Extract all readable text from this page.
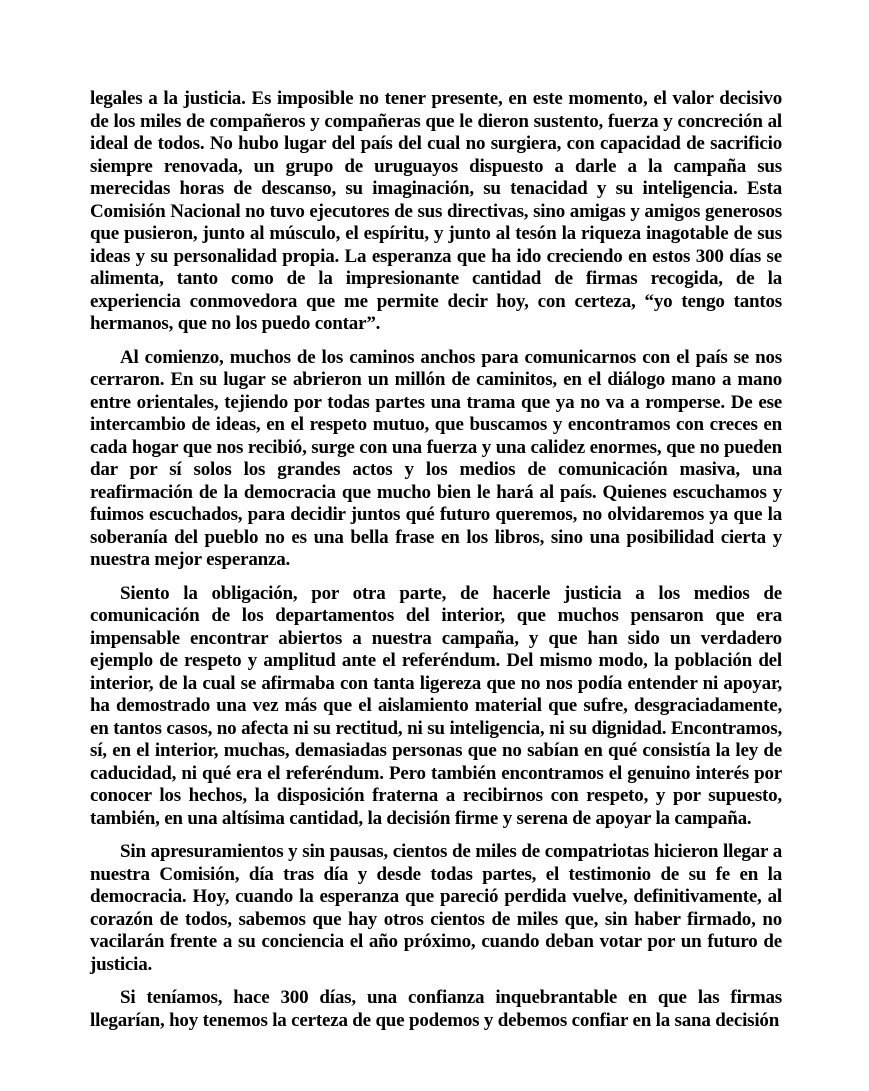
legales a la justicia. Es imposible no tener presente, en este momento, el valor decisivo de los miles de compañeros y compañeras que le dieron sustento, fuerza y concreción al ideal de todos. No hubo lugar del país del cual no surgiera, con capacidad de sacrificio siempre renovada, un grupo de uruguayos dispuesto a darle a la campaña sus merecidas horas de descanso, su imaginación, su tenacidad y su inteligencia. Esta Comisión Nacional no tuvo ejecutores de sus directivas, sino amigas y amigos generosos que pusieron, junto al músculo, el espíritu, y junto al tesón la riqueza inagotable de sus ideas y su personalidad propia. La esperanza que ha ido creciendo en estos 300 días se alimenta, tanto como de la impresionante cantidad de firmas recogida, de la experiencia conmovedora que me permite decir hoy, con certeza, “yo tengo tantos hermanos, que no los puedo contar”.

Al comienzo, muchos de los caminos anchos para comunicarnos con el país se nos cerraron. En su lugar se abrieron un millón de caminitos, en el diálogo mano a mano entre orientales, tejiendo por todas partes una trama que ya no va a romperse. De ese intercambio de ideas, en el respeto mutuo, que buscamos y encontramos con creces en cada hogar que nos recibió, surge con una fuerza y una calidez enormes, que no pueden dar por sí solos los grandes actos y los medios de comunicación masiva, una reafirmación de la democracia que mucho bien le hará al país. Quienes escuchamos y fuimos escuchados, para decidir juntos qué futuro queremos, no olvidaremos ya que la soberanía del pueblo no es una bella frase en los libros, sino una posibilidad cierta y nuestra mejor esperanza.

Siento la obligación, por otra parte, de hacerle justicia a los medios de comunicación de los departamentos del interior, que muchos pensaron que era impensable encontrar abiertos a nuestra campaña, y que han sido un verdadero ejemplo de respeto y amplitud ante el referéndum. Del mismo modo, la población del interior, de la cual se afirmaba con tanta ligereza que no nos podía entender ni apoyar, ha demostrado una vez más que el aislamiento material que sufre, desgraciadamente, en tantos casos, no afecta ni su rectitud, ni su inteligencia, ni su dignidad. Encontramos, sí, en el interior, muchas, demasiadas personas que no sabían en qué consistía la ley de caducidad, ni qué era el referéndum. Pero también encontramos el genuino interés por conocer los hechos, la disposición fraterna a recibirnos con respeto, y por supuesto, también, en una altísima cantidad, la decisión firme y serena de apoyar la campaña.

Sin apresuramientos y sin pausas, cientos de miles de compatriotas hicieron llegar a nuestra Comisión, día tras día y desde todas partes, el testimonio de su fe en la democracia. Hoy, cuando la esperanza que pareció perdida vuelve, definitivamente, al corazón de todos, sabemos que hay otros cientos de miles que, sin haber firmado, no vacilarán frente a su conciencia el año próximo, cuando deban votar por un futuro de justicia.

Si teníamos, hace 300 días, una confianza inquebrantable en que las firmas llegarían, hoy tenemos la certeza de que podemos y debemos confiar en la sana decisión
